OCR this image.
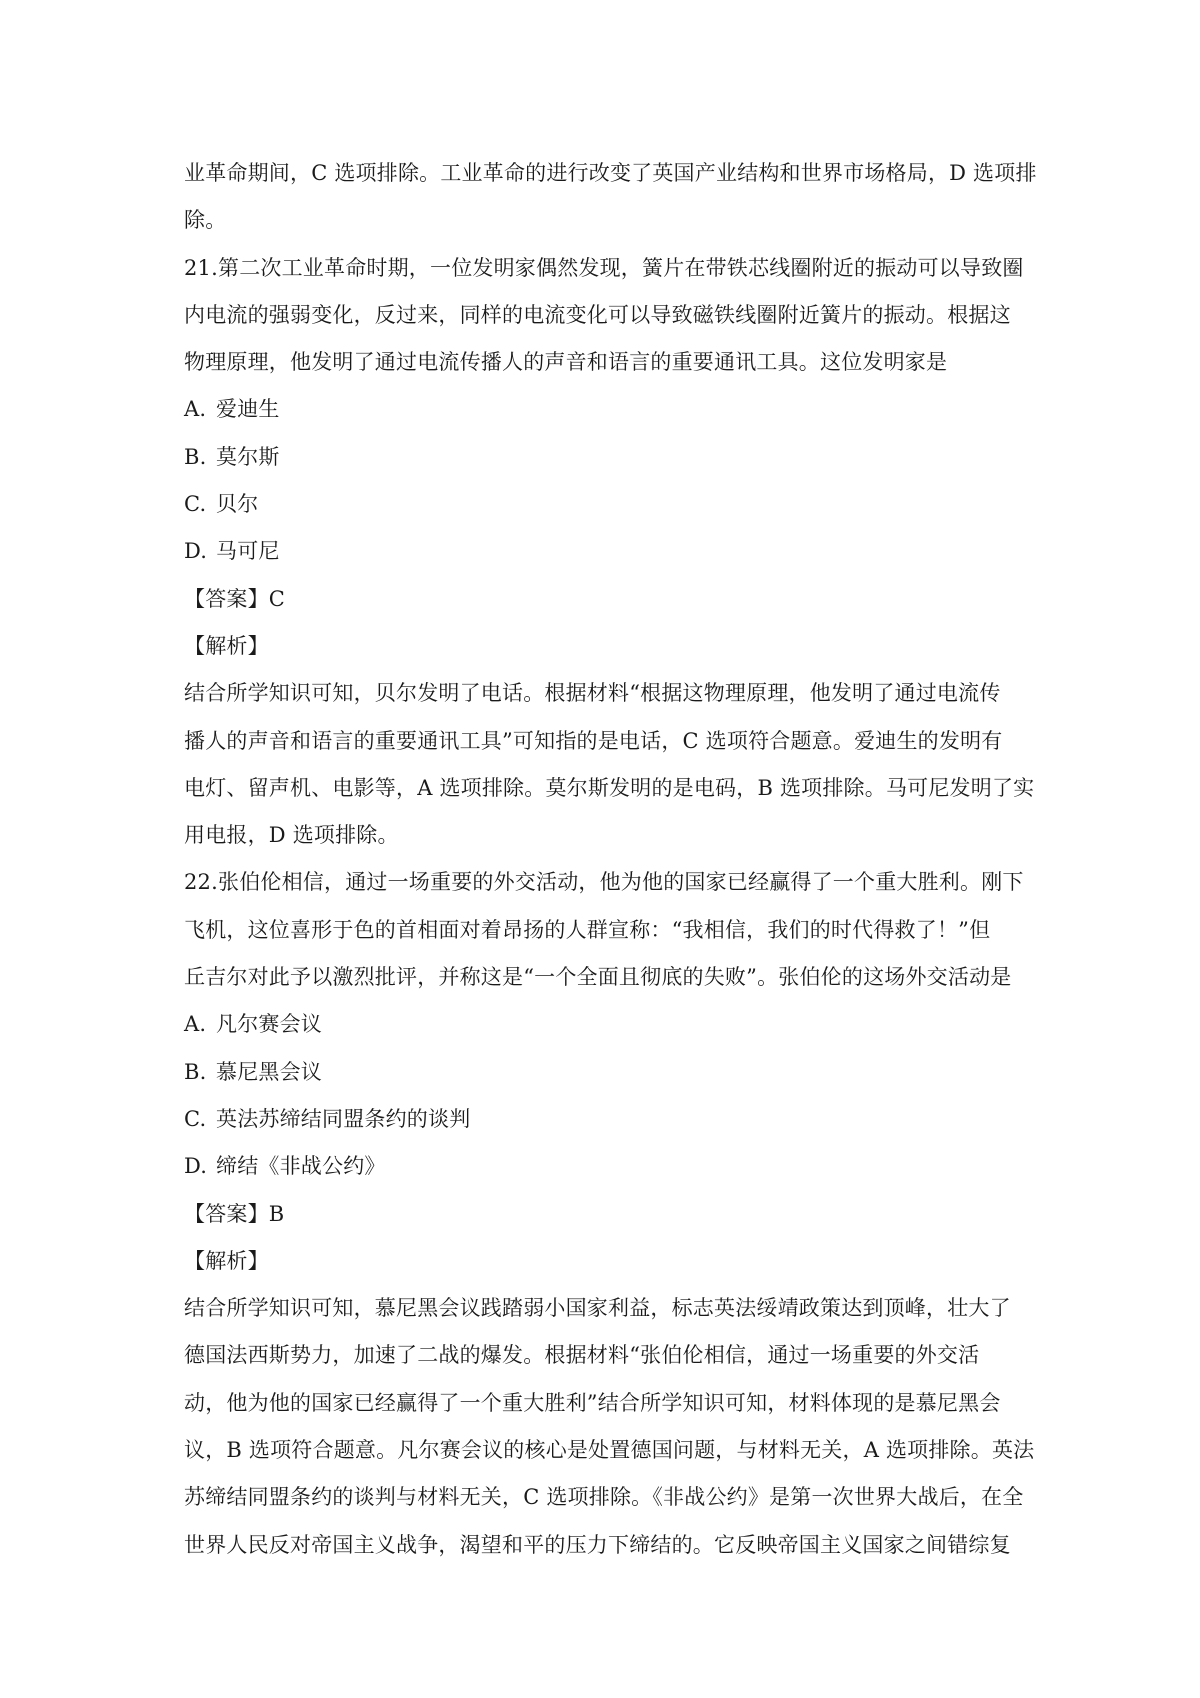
业革命期间，C 选项排除。工业革命的进行改变了英国产业结构和世界市场格局，D 选项排
除。
21.第二次工业革命时期，一位发明家偶然发现，簧片在带铁芯线圈附近的振动可以导致圈
内电流的强弱变化，反过来，同样的电流变化可以导致磁铁线圈附近簧片的振动。根据这
物理原理，他发明了通过电流传播人的声音和语言的重要通讯工具。这位发明家是
A. 爱迪生
B. 莫尔斯
C. 贝尔
D. 马可尼
【答案】C
【解析】
结合所学知识可知，贝尔发明了电话。根据材料“根据这物理原理，他发明了通过电流传
播人的声音和语言的重要通讯工具”可知指的是电话，C 选项符合题意。爱迪生的发明有
电灯、留声机、电影等，A 选项排除。莫尔斯发明的是电码，B 选项排除。马可尼发明了实
用电报，D 选项排除。
22.张伯伦相信，通过一场重要的外交活动，他为他的国家已经赢得了一个重大胜利。刚下
飞机，这位喜形于色的首相面对着昂扬的人群宣称：“我相信，我们的时代得救了！”但
丘吉尔对此予以激烈批评，并称这是“一个全面且彻底的失败”。张伯伦的这场外交活动是
A. 凡尔赛会议
B. 慕尼黑会议
C. 英法苏缔结同盟条约的谈判
D. 缔结《非战公约》
【答案】B
【解析】
结合所学知识可知，慕尼黑会议践踏弱小国家利益，标志英法绥靖政策达到顶峰，壮大了
德国法西斯势力，加速了二战的爆发。根据材料“张伯伦相信，通过一场重要的外交活
动，他为他的国家已经赢得了一个重大胜利”结合所学知识可知，材料体现的是慕尼黑会
议，B 选项符合题意。凡尔赛会议的核心是处置德国问题，与材料无关，A 选项排除。英法
苏缔结同盟条约的谈判与材料无关，C 选项排除。《非战公约》是第一次世界大战后，在全
世界人民反对帝国主义战争，渴望和平的压力下缔结的。它反映帝国主义国家之间错综复
